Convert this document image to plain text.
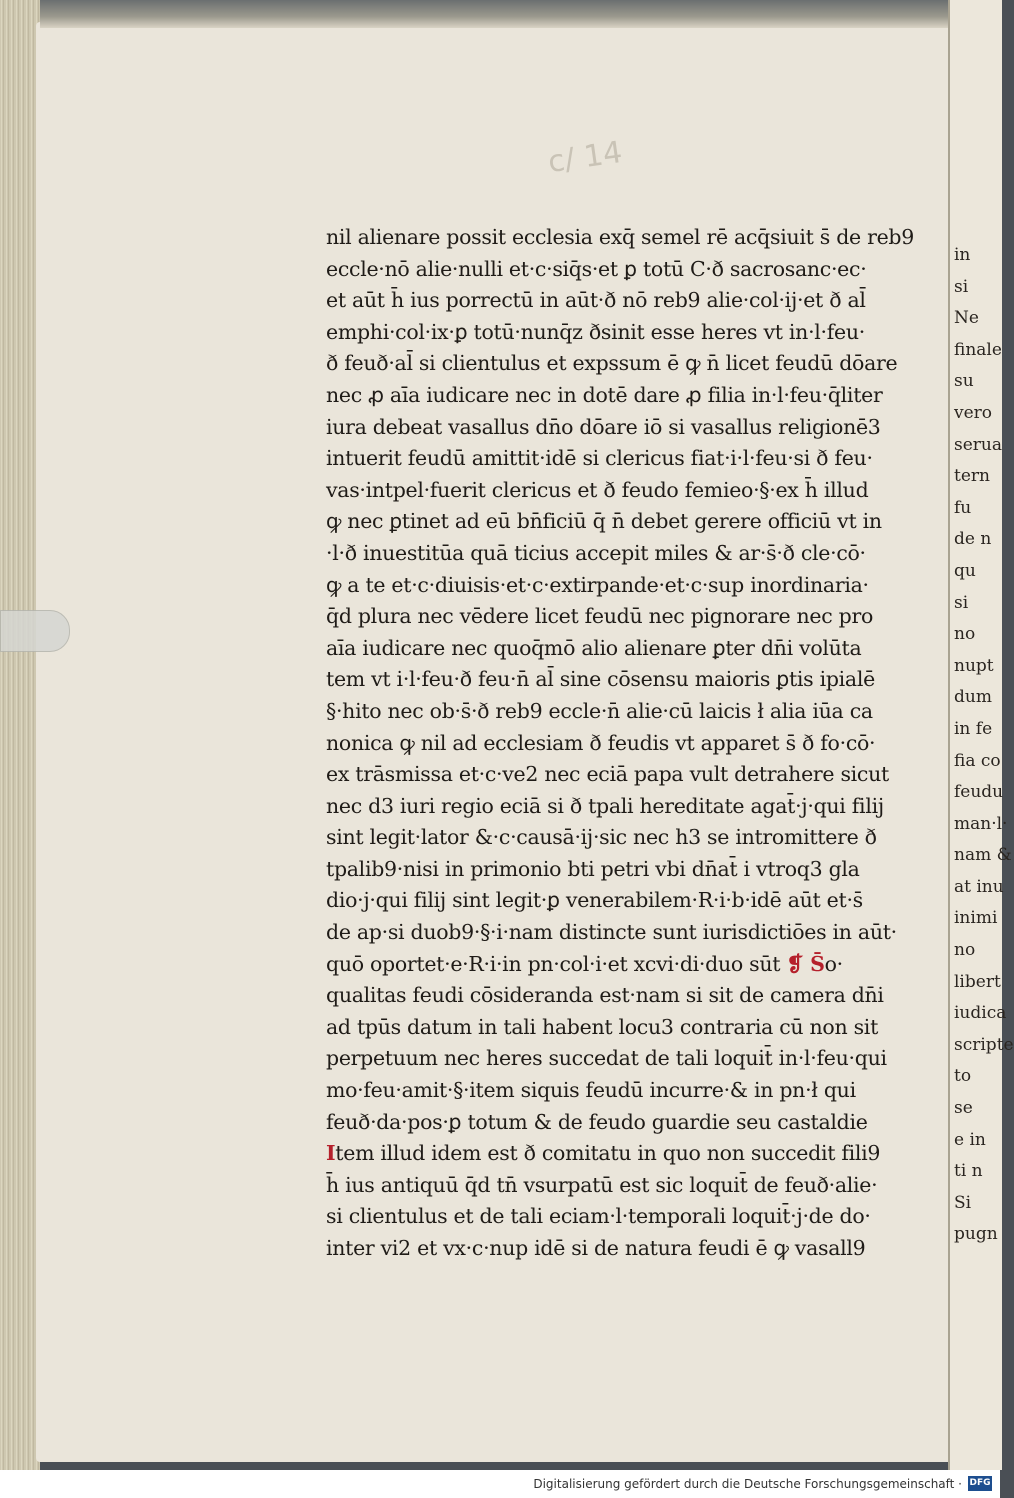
c/ 14
nil alienare possit ecclesia exq̄ semel rē acq̄siuit s̄ de reb9
eccle·nō alie·nulli et·c·siq̄s·et ꝑ totū C·ð sacrosanc·ec·
et aūt h̄ ius porrectū in aūt·ð nō reb9 alie·col·ij·et ð al̄
emphi·col·ix·ꝑ totū·nunq̄z ðsinit esse heres vt in·l·feu·
ð feuð·al̄ si clientulus et expssum ē ꝙ n̄ licet feudū dōare
nec ꝓ aīa iudicare nec in dotē dare ꝓ filia in·l·feu·q̄liter
iura debeat vasallus dn̄o dōare iō si vasallus religionē3
intuerit feudū amittit·idē si clericus fiat·i·l·feu·si ð feu·
vas·intpel·fuerit clericus et ð feudo femieo·§·ex h̄ illud
ꝙ nec ꝑtinet ad eū bn̄ficiū q̄ n̄ debet gerere officiū vt in
·l·ð inuestitūa quā ticius accepit miles & ar·s̄·ð cle·cō·
ꝙ a te et·c·diuisis·et·c·extirpande·et·c·sup inordinaria·
q̄d plura nec vēdere licet feudū nec pignorare nec pro
aīa iudicare nec quoq̄mō alio alienare ꝑter dn̄i volūta
tem vt i·l·feu·ð feu·n̄ al̄ sine cōsensu maioris ꝑtis ipialē
§·hito nec ob·s̄·ð reb9 eccle·n̄ alie·cū laicis ł alia iūa ca
nonica ꝙ nil ad ecclesiam ð feudis vt apparet s̄ ð fo·cō·
ex trāsmissa et·c·ve2 nec eciā papa vult detrahere sicut
nec d3 iuri regio eciā si ð tpali hereditate agat̄·j·qui filij
sint legit·lator &·c·causā·ij·sic nec h3 se intromittere ð
tpalib9·nisi in primonio bti petri vbi dn̄at̄ i vtroq3 gla
dio·j·qui filij sint legit·ꝑ venerabilem·R·i·b·idē aūt et·s̄
de ap·si duob9·§·i·nam distincte sunt iurisdictiōes in aūt·
quō oportet·e·R·i·in pn·col·i·et xcvi·di·duo sūt ❡ S̄o·
qualitas feudi cōsideranda est·nam si sit de camera dn̄i
ad tpūs datum in tali habent locu3 contraria cū non sit
perpetuum nec heres succedat de tali loquit̄ in·l·feu·qui
mo·feu·amit·§·item siquis feudū incurre·& in pn·ł qui
feuð·da·pos·ꝑ totum & de feudo guardie seu castaldie
Item illud idem est ð comitatu in quo non succedit fili9
h̄ ius antiquū q̄d tn̄ vsurpatū est sic loquit̄ de feuð·alie·
si clientulus et de tali eciam·l·temporali loquit̄·j·de do·
inter vi2 et vx·c·nup idē si de natura feudi ē ꝙ vasall9
in
si
Ne
finale
su
vero
serua
tern
fu
de n
qu
si
no
nupt
dum
in fe
fia co
feudu
man·l·
nam &
at inu
inimi
no
libert
iudica
scripte
to
se
e in
ti n
Si
pugn
Digitalisierung gefördert durch die Deutsche Forschungsgemeinschaft · DFG
